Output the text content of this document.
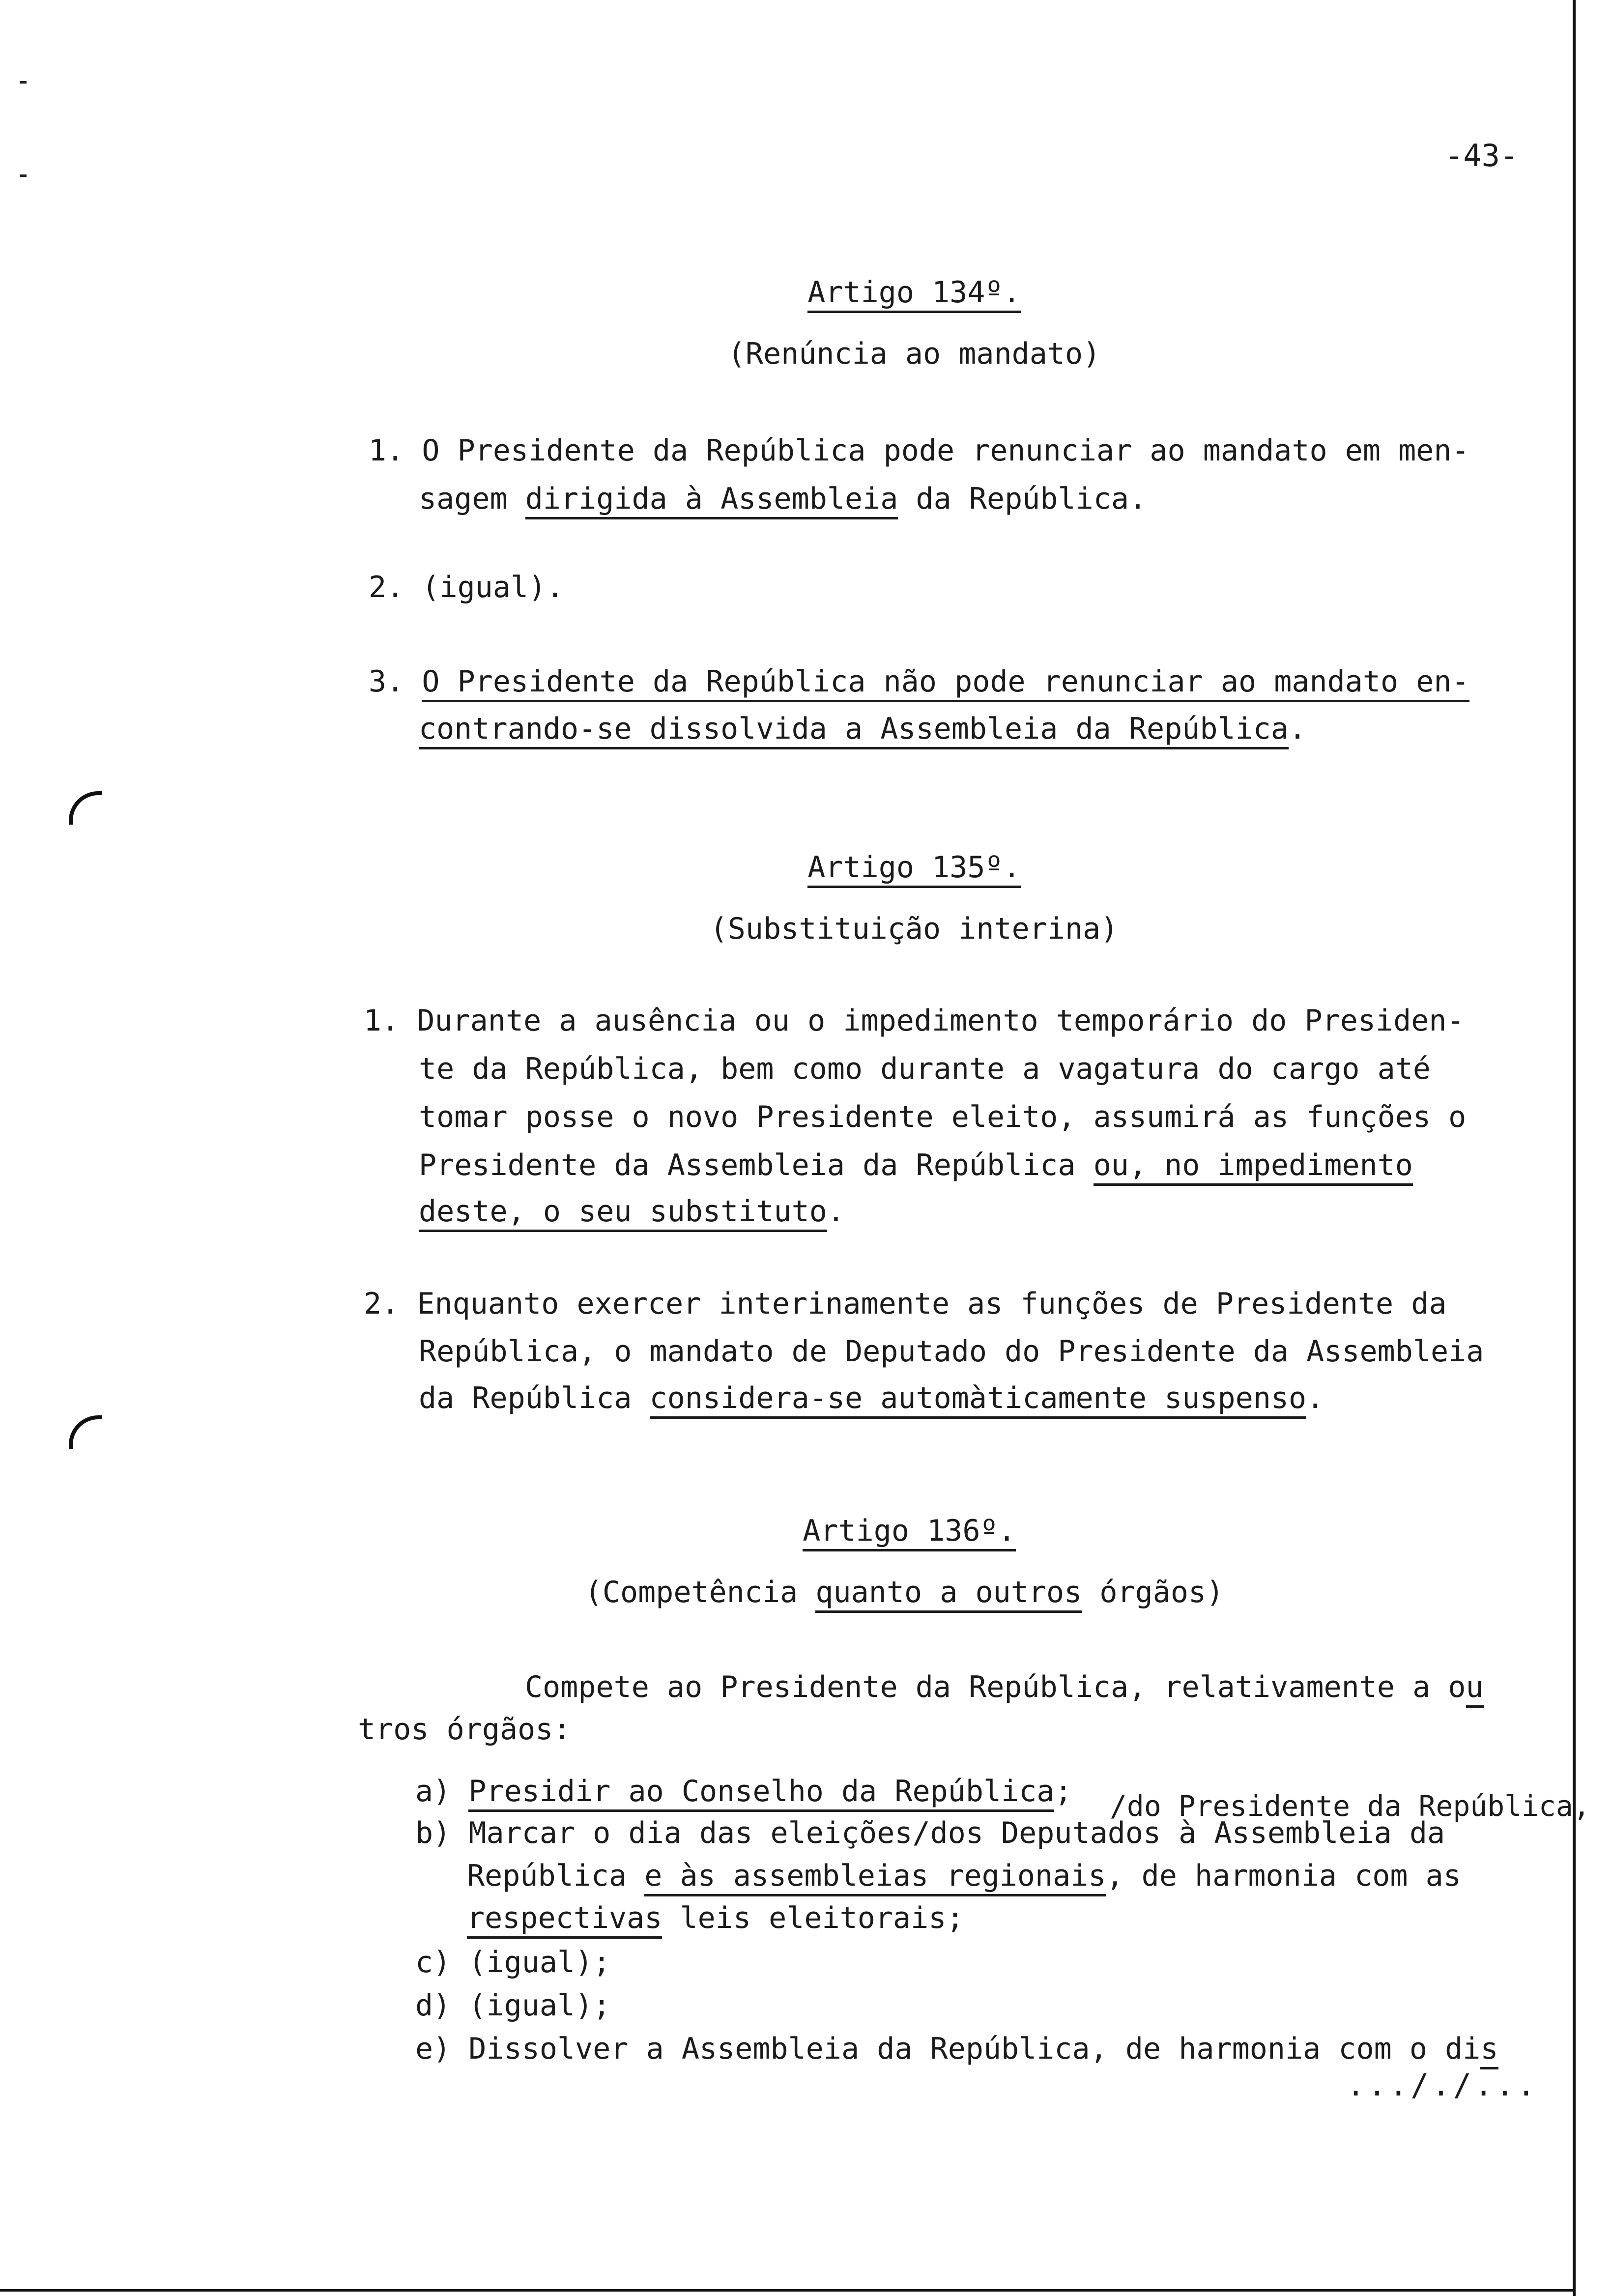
-43-
Artigo 134º.
(Renúncia ao mandato)
1. O Presidente da República pode renunciar ao mandato em men-
sagem dirigida à Assembleia da República.
2. (igual).
3. O Presidente da República não pode renunciar ao mandato en-
contrando-se dissolvida a Assembleia da República.
Artigo 135º.
(Substituição interina)
1. Durante a ausência ou o impedimento temporário do Presiden-
te da República, bem como durante a vagatura do cargo até
tomar posse o novo Presidente eleito, assumirá as funções o
Presidente da Assembleia da República ou, no impedimento
deste, o seu substituto.
2. Enquanto exercer interinamente as funções de Presidente da
República, o mandato de Deputado do Presidente da Assembleia
da República considera-se automàticamente suspenso.
Artigo 136º.
(Competência quanto a outros órgãos)
Compete ao Presidente da República, relativamente a ou
tros órgãos:
a) Presidir ao Conselho da República; /do Presidente da República,
b) Marcar o dia das eleições/dos Deputados à Assembleia da
República e às assembleias regionais, de harmonia com as
respectivas leis eleitorais;
c) (igual);
d) (igual);
e) Dissolver a Assembleia da República, de harmonia com o dis
..././...
